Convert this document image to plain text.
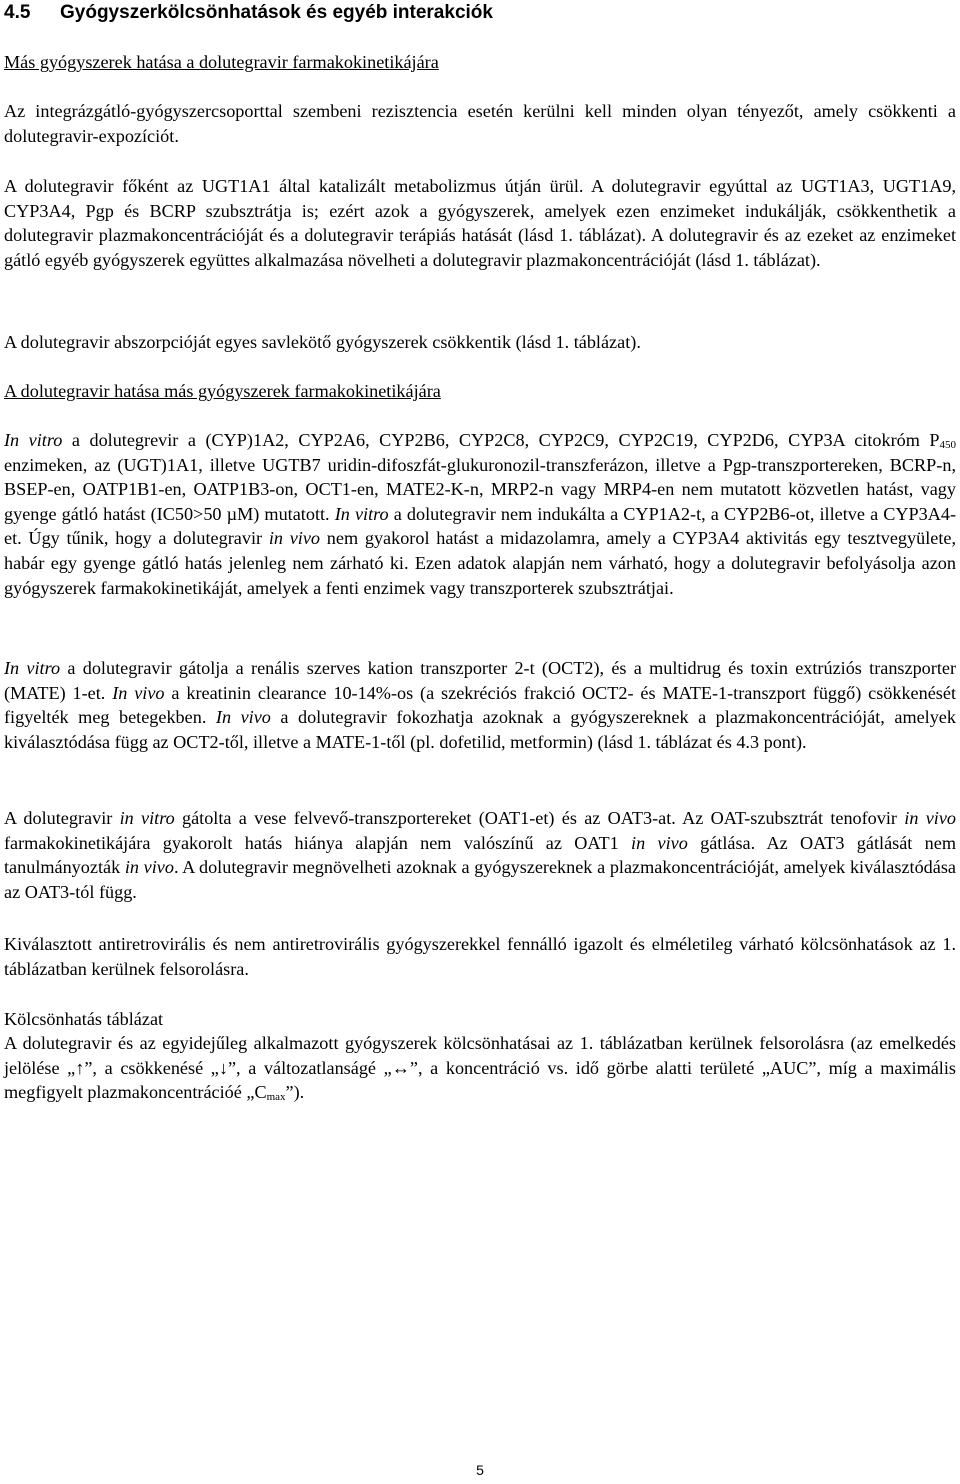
4.5 Gyógyszerkölcsönhatások és egyéb interakciók

Más gyógyszerek hatása a dolutegravir farmakokinetikájára

Az integrázgátló-gyógyszercsoporttal szembeni rezisztencia esetén kerülni kell minden olyan tényezőt, amely csökkenti a dolutegravir-expozíciót.

A dolutegravir főként az UGT1A1 által katalizált metabolizmus útján ürül. A dolutegravir egyúttal az UGT1A3, UGT1A9, CYP3A4, Pgp és BCRP szubsztrátja is; ezért azok a gyógyszerek, amelyek ezen enzimeket indukálják, csökkenthetik a dolutegravir plazmakoncentrációját és a dolutegravir terápiás hatását (lásd 1. táblázat). A dolutegravir és az ezeket az enzimeket gátló egyéb gyógyszerek együttes alkalmazása növelheti a dolutegravir plazmakoncentrációját (lásd 1. táblázat).

A dolutegravir abszorpcióját egyes savlekötő gyógyszerek csökkentik (lásd 1. táblázat).

A dolutegravir hatása más gyógyszerek farmakokinetikájára

In vitro a dolutegrevir a (CYP)1A2, CYP2A6, CYP2B6, CYP2C8, CYP2C9, CYP2C19, CYP2D6, CYP3A citokróm $P_{450}$ enzimeken, az (UGT)1A1, illetve UGTB7 uridin-difoszfát-glukuronozil-transzferázon, illetve a Pgp-transzportereken, BCRP-n, BSEP-en, OATP1B1-en, OATP1B3-on, OCT1-en, MATE2-K-n, MRP2-n vagy MRP4-en nem mutatott közvetlen hatást, vagy gyenge gátló hatást (IC50>50 µM) mutatott. In vitro a dolutegravir nem indukálta a CYP1A2-t, a CYP2B6-ot, illetve a CYP3A4-et. Úgy tűnik, hogy a dolutegravir in vivo nem gyakorol hatást a midazolamra, amely a CYP3A4 aktivitás egy tesztvegyülete, habár egy gyenge gátló hatás jelenleg nem zárható ki. Ezen adatok alapján nem várható, hogy a dolutegravir befolyásolja azon gyógyszerek farmakokinetikáját, amelyek a fenti enzimek vagy transzporterek szubsztrátjai.

In vitro a dolutegravir gátolja a renális szerves kation transzporter 2-t (OCT2), és a multidrug és toxin extrúziós transzporter (MATE) 1-et. In vivo a kreatinin clearance 10-14%-os (a szekréciós frakció OCT2- és MATE-1-transzport függő) csökkenését figyelték meg betegekben. In vivo a dolutegravir fokozhatja azoknak a gyógyszereknek a plazmakoncentrációját, amelyek kiválasztódása függ az OCT2-től, illetve a MATE-1-től (pl. dofetilid, metformin) (lásd 1. táblázat és 4.3 pont).

A dolutegravir in vitro gátolta a vese felvevő-transzportereket (OAT1-et) és az OAT3-at. Az OAT-szubsztrát tenofovir in vivo farmakokinetikájára gyakorolt hatás hiánya alapján nem valószínű az OAT1 in vivo gátlása. Az OAT3 gátlását nem tanulmányozták in vivo. A dolutegravir megnövelheti azoknak a gyógyszereknek a plazmakoncentrációját, amelyek kiválasztódása az OAT3-tól függ.

Kiválasztott antiretrovirális és nem antiretrovirális gyógyszerekkel fennálló igazolt és elméletileg várható kölcsönhatások az 1. táblázatban kerülnek felsorolásra.

Kölcsönhatás táblázat

A dolutegravir és az egyidejűleg alkalmazott gyógyszerek kölcsönhatásai az 1. táblázatban kerülnek felsorolásra (az emelkedés jelölése „↑”, a csökkenésé „↓”, a változatlanságé „↔”, a koncentráció vs. idő görbe alatti területé „AUC”, míg a maximális megfigyelt plazmakoncentrációé $„C_{max}$”).

5
